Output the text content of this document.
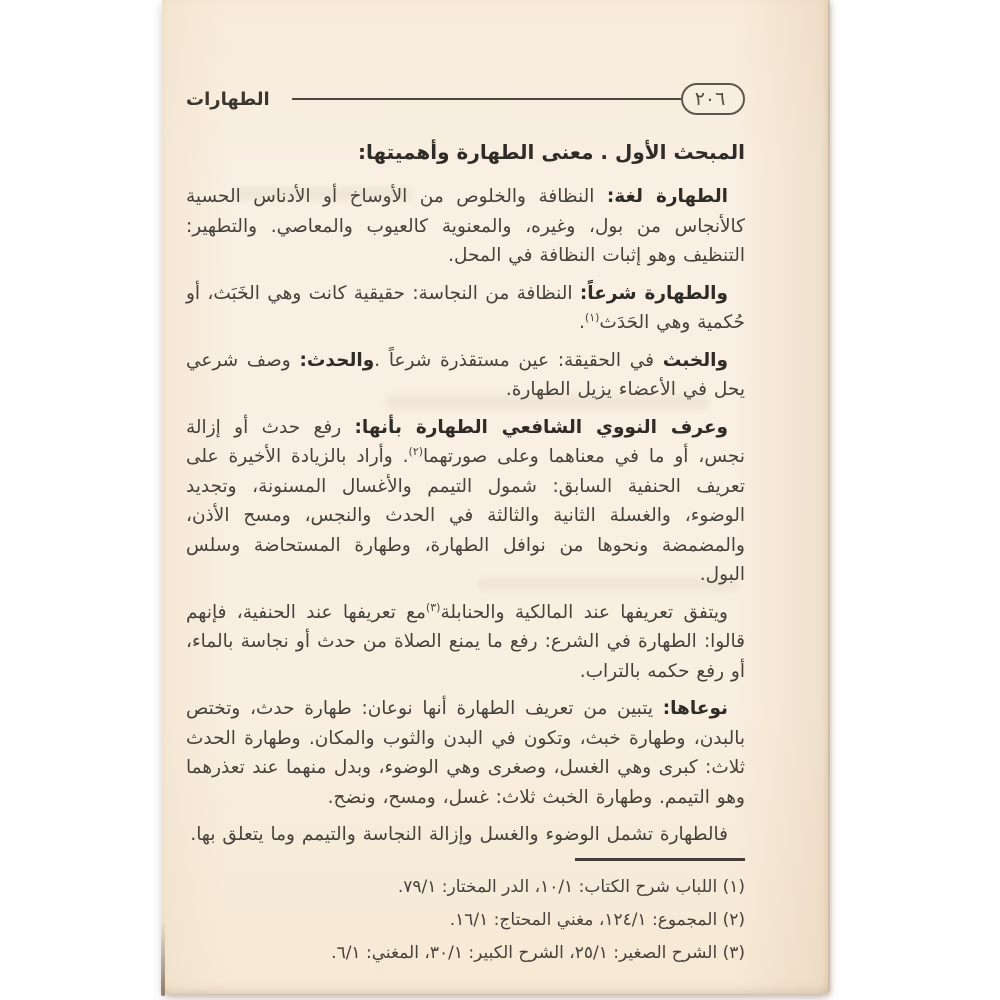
٢٠٦
الطهارات
المبحث الأول . معنى الطهارة وأهميتها:

الطهارة لغة: النظافة والخلوص من الأوساخ أو الأدناس الحسية كالأنجاس من بول، وغيره، والمعنوية كالعيوب والمعاصي. والتطهير: التنظيف وهو إثبات النظافة في المحل.

والطهارة شرعاً: النظافة من النجاسة: حقيقية كانت وهي الخَبَث، أو حُكمية وهي الحَدَث$^{(١)}$.

والخبث في الحقيقة: عين مستقذرة شرعاً .والحدث: وصف شرعي يحل في الأعضاء يزيل الطهارة.

وعرف النووي الشافعي الطهارة بأنها: رفع حدث أو إزالة نجس، أو ما في معناهما وعلى صورتهما$^{(٢)}$. وأراد بالزيادة الأخيرة على تعريف الحنفية السابق: شمول التيمم والأغسال المسنونة، وتجديد الوضوء، والغسلة الثانية والثالثة في الحدث والنجس، ومسح الأذن، والمضمضة ونحوها من نوافل الطهارة، وطهارة المستحاضة وسلس البول.

ويتفق تعريفها عند المالكية والحنابلة$^{(٣)}$مع تعريفها عند الحنفية، فإنهم قالوا: الطهارة في الشرع: رفع ما يمنع الصلاة من حدث أو نجاسة بالماء، أو رفع حكمه بالتراب.

نوعاها: يتبين من تعريف الطهارة أنها نوعان: طهارة حدث، وتختص بالبدن، وطهارة خبث، وتكون في البدن والثوب والمكان. وطهارة الحدث ثلاث: كبرى وهي الغسل، وصغرى وهي الوضوء، وبدل منهما عند تعذرهما وهو التيمم. وطهارة الخبث ثلاث: غسل، ومسح، ونضح.

فالطهارة تشمل الوضوء والغسل وإزالة النجاسة والتيمم وما يتعلق بها.

(١) اللباب شرح الكتاب: ١٠/١، الدر المختار: ٧٩/١.
(٢) المجموع: ١٢٤/١، مغني المحتاج: ١٦/١.
(٣) الشرح الصغير: ٢٥/١، الشرح الكبير: ٣٠/١، المغني: ٦/١.
